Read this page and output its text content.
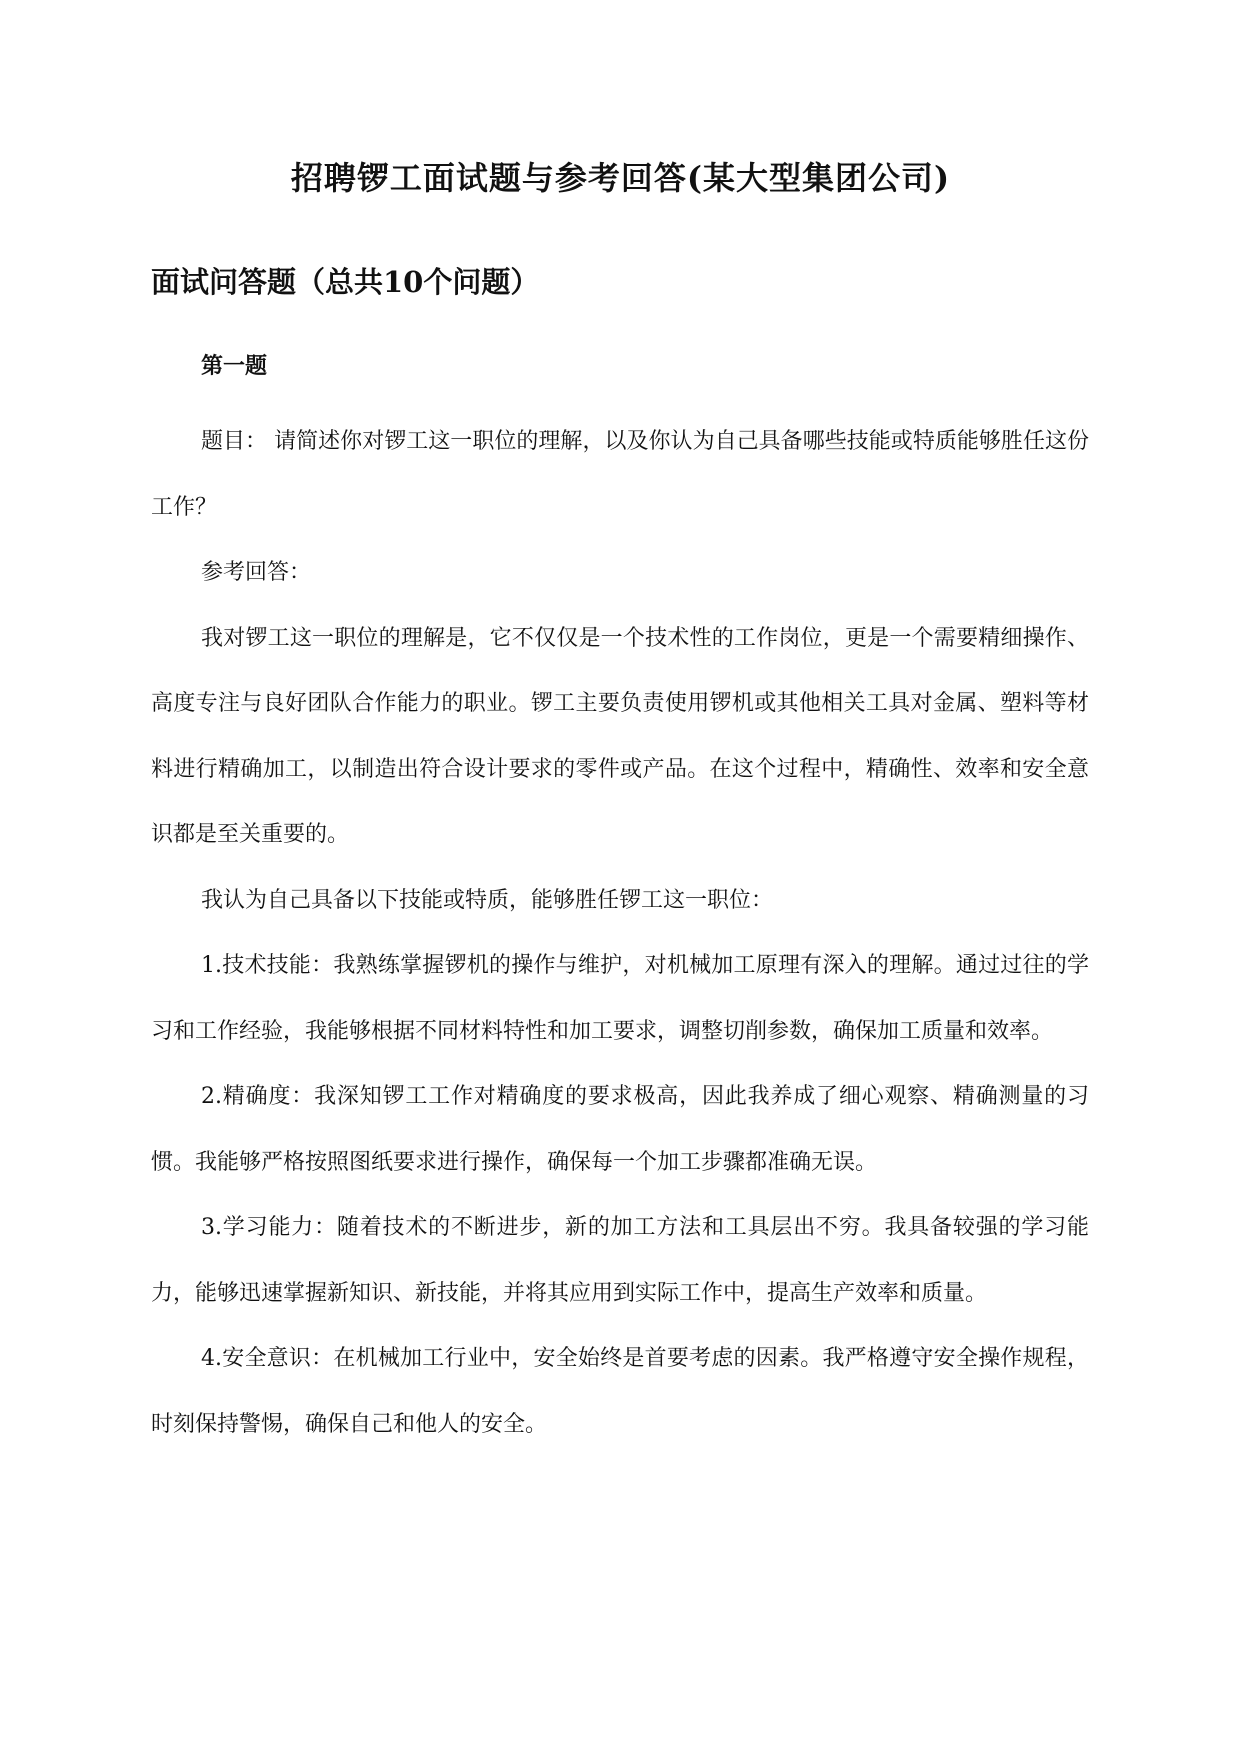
招聘锣工面试题与参考回答(某大型集团公司)
面试问答题（总共10个问题）
第一题

题目： 请简述你对锣工这一职位的理解，以及你认为自己具备哪些技能或特质能够胜任这份工作？

参考回答：

我对锣工这一职位的理解是，它不仅仅是一个技术性的工作岗位，更是一个需要精细操作、高度专注与良好团队合作能力的职业。锣工主要负责使用锣机或其他相关工具对金属、塑料等材料进行精确加工，以制造出符合设计要求的零件或产品。在这个过程中，精确性、效率和安全意识都是至关重要的。

我认为自己具备以下技能或特质，能够胜任锣工这一职位：

1.技术技能：我熟练掌握锣机的操作与维护，对机械加工原理有深入的理解。通过过往的学习和工作经验，我能够根据不同材料特性和加工要求，调整切削参数，确保加工质量和效率。

2.精确度：我深知锣工工作对精确度的要求极高，因此我养成了细心观察、精确测量的习惯。我能够严格按照图纸要求进行操作，确保每一个加工步骤都准确无误。

3.学习能力：随着技术的不断进步，新的加工方法和工具层出不穷。我具备较强的学习能力，能够迅速掌握新知识、新技能，并将其应用到实际工作中，提高生产效率和质量。

4.安全意识：在机械加工行业中，安全始终是首要考虑的因素。我严格遵守安全操作规程，时刻保持警惕，确保自己和他人的安全。
